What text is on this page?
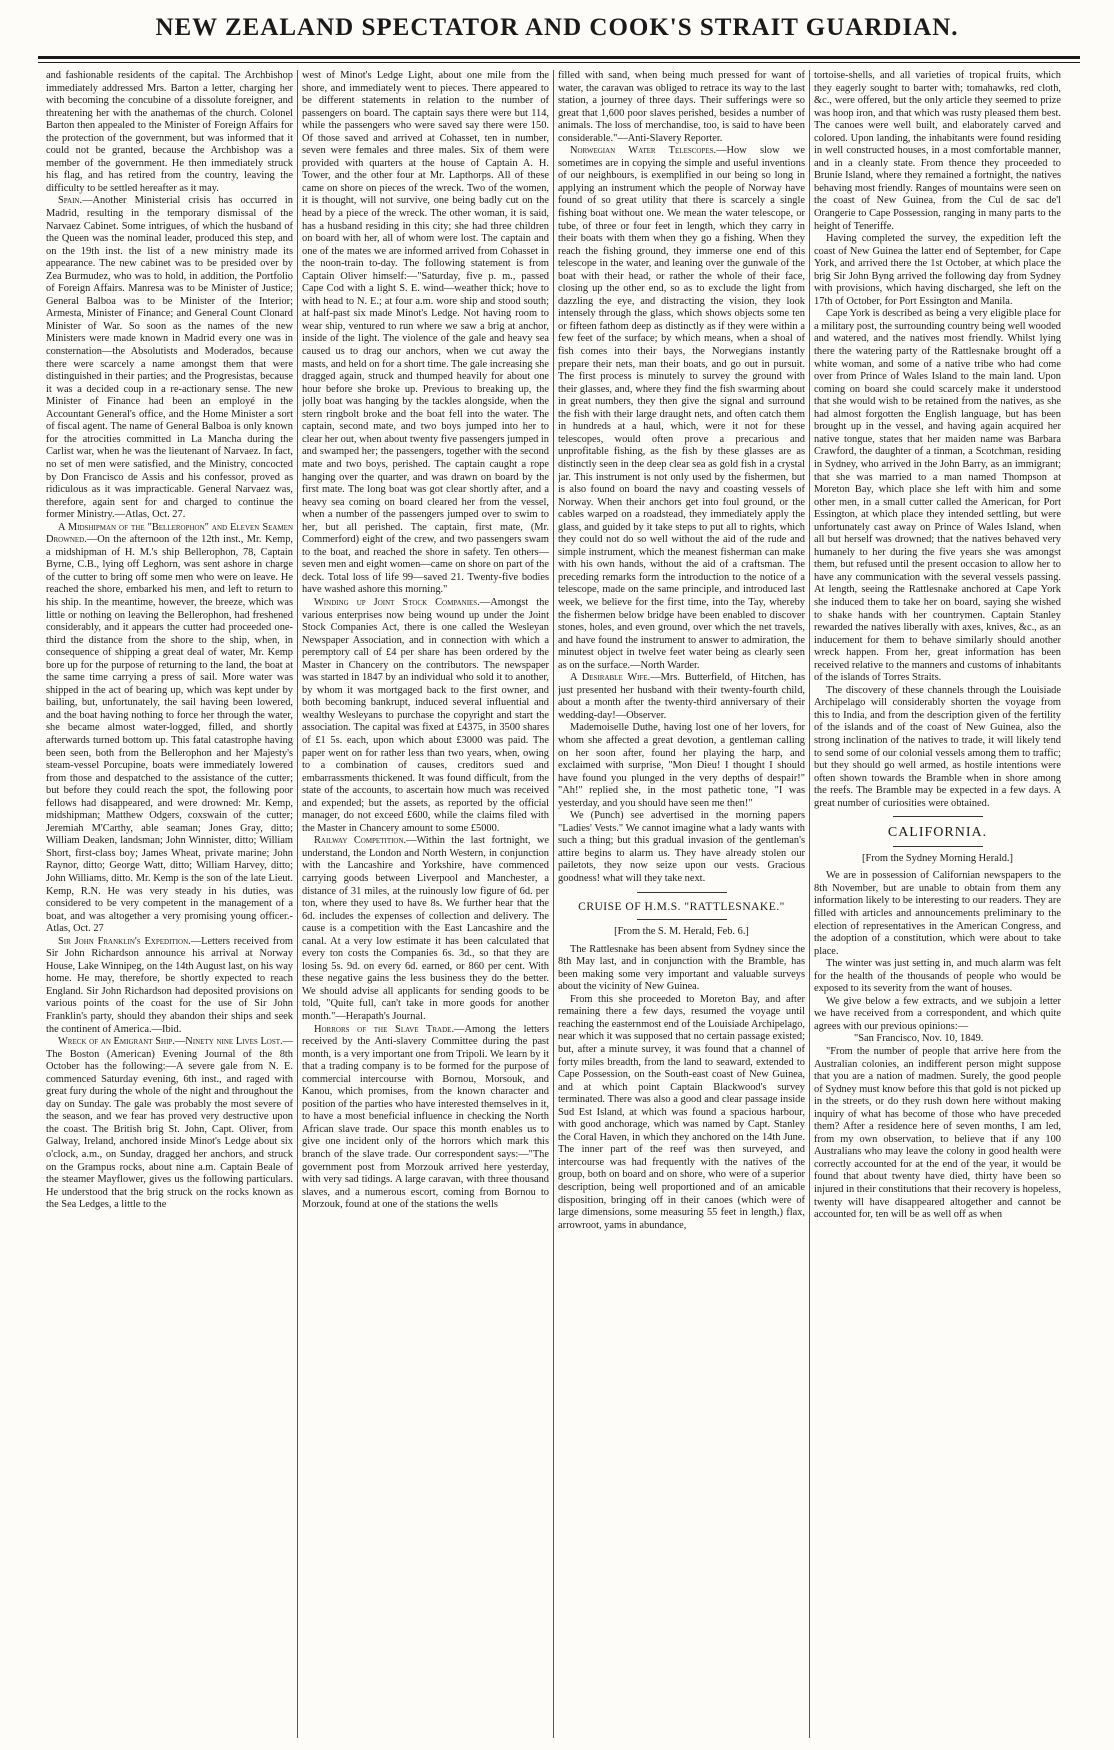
NEW ZEALAND SPECTATOR AND COOK'S STRAIT GUARDIAN.

and fashionable residents of the capital. The Archbishop immediately addressed Mrs. Barton a letter, charging her with becoming the concubine of a dissolute foreigner, and threatening her with the anathemas of the church. Colonel Barton then appealed to the Minister of Foreign Affairs for the protection of the government, but was informed that it could not be granted, because the Archbishop was a member of the government. He then immediately struck his flag, and has retired from the country, leaving the difficulty to be settled hereafter as it may.

Spain.—Another Ministerial crisis has occurred in Madrid, resulting in the temporary dismissal of the Narvaez Cabinet. Some intrigues, of which the husband of the Queen was the nominal leader, produced this step, and on the 19th inst. the list of a new ministry made its appearance. The new cabinet was to be presided over by Zea Burmudez, who was to hold, in addition, the Portfolio of Foreign Affairs. Manresa was to be Minister of Justice; General Balboa was to be Minister of the Interior; Armesta, Minister of Finance; and General Count Clonard Minister of War. So soon as the names of the new Ministers were made known in Madrid every one was in consternation—the Absolutists and Moderados, because there were scarcely a name amongst them that were distinguished in their parties; and the Progresistas, because it was a decided coup in a re-actionary sense. The new Minister of Finance had been an employé in the Accountant General's office, and the Home Minister a sort of fiscal agent. The name of General Balboa is only known for the atrocities committed in La Mancha during the Carlist war, when he was the lieutenant of Narvaez. In fact, no set of men were satisfied, and the Ministry, concocted by Don Francisco de Assis and his confessor, proved as ridiculous as it was impracticable. General Narvaez was, therefore, again sent for and charged to continue the former Ministry.—Atlas, Oct. 27.

A Midshipman of the "Bellerophon" and Eleven Seamen Drowned.—On the afternoon of the 12th inst., Mr. Kemp, a midshipman of H. M.'s ship Bellerophon, 78, Captain Byrne, C.B., lying off Leghorn, was sent ashore in charge of the cutter to bring off some men who were on leave. He reached the shore, embarked his men, and left to return to his ship. In the meantime, however, the breeze, which was little or nothing on leaving the Bellerophon, had freshened considerably, and it appears the cutter had proceeded one-third the distance from the shore to the ship, when, in consequence of shipping a great deal of water, Mr. Kemp bore up for the purpose of returning to the land, the boat at the same time carrying a press of sail. More water was shipped in the act of bearing up, which was kept under by bailing, but, unfortunately, the sail having been lowered, and the boat having nothing to force her through the water, she became almost water-logged, filled, and shortly afterwards turned bottom up. This fatal catastrophe having been seen, both from the Bellerophon and her Majesty's steam-vessel Porcupine, boats were immediately lowered from those and despatched to the assistance of the cutter; but before they could reach the spot, the following poor fellows had disappeared, and were drowned: Mr. Kemp, midshipman; Matthew Odgers, coxswain of the cutter; Jeremiah M'Carthy, able seaman; Jones Gray, ditto; William Deaken, landsman; John Winnister, ditto; William Short, first-class boy; James Wheat, private marine; John Raynor, ditto; George Watt, ditto; William Harvey, ditto; John Williams, ditto. Mr. Kemp is the son of the late Lieut. Kemp, R.N. He was very steady in his duties, was considered to be very competent in the management of a boat, and was altogether a very promising young officer.-Atlas, Oct. 27

Sir John Franklin's Expedition.—Letters received from Sir John Richardson announce his arrival at Norway House, Lake Winnipeg, on the 14th August last, on his way home. He may, therefore, be shortly expected to reach England. Sir John Richardson had deposited provisions on various points of the coast for the use of Sir John Franklin's party, should they abandon their ships and seek the continent of America.—Ibid.

Wreck of an Emigrant Ship.—Ninety nine Lives Lost.—The Boston (American) Evening Journal of the 8th October has the following:—A severe gale from N. E. commenced Saturday evening, 6th inst., and raged with great fury during the whole of the night and throughout the day on Sunday. The gale was probably the most severe of the season, and we fear has proved very destructive upon the coast. The British brig St. John, Capt. Oliver, from Galway, Ireland, anchored inside Minot's Ledge about six o'clock, a.m., on Sunday, dragged her anchors, and struck on the Grampus rocks, about nine a.m. Captain Beale of the steamer Mayflower, gives us the following particulars. He understood that the brig struck on the rocks known as the Sea Ledges, a little to the

west of Minot's Ledge Light, about one mile from the shore, and immediately went to pieces. There appeared to be different statements in relation to the number of passengers on board. The captain says there were but 114, while the passengers who were saved say there were 150. Of those saved and arrived at Cohasset, ten in number, seven were females and three males. Six of them were provided with quarters at the house of Captain A. H. Tower, and the other four at Mr. Lapthorps. All of these came on shore on pieces of the wreck. Two of the women, it is thought, will not survive, one being badly cut on the head by a piece of the wreck. The other woman, it is said, has a husband residing in this city; she had three children on board with her, all of whom were lost. The captain and one of the mates we are informed arrived from Cohasset in the noon-train to-day. The following statement is from Captain Oliver himself:—"Saturday, five p. m., passed Cape Cod with a light S. E. wind—weather thick; hove to with head to N. E.; at four a.m. wore ship and stood south; at half-past six made Minot's Ledge. Not having room to wear ship, ventured to run where we saw a brig at anchor, inside of the light. The violence of the gale and heavy sea caused us to drag our anchors, when we cut away the masts, and held on for a short time. The gale increasing she dragged again, struck and thumped heavily for about one hour before she broke up. Previous to breaking up, the jolly boat was hanging by the tackles alongside, when the stern ringbolt broke and the boat fell into the water. The captain, second mate, and two boys jumped into her to clear her out, when about twenty five passengers jumped in and swamped her; the passengers, together with the second mate and two boys, perished. The captain caught a rope hanging over the quarter, and was drawn on board by the first mate. The long boat was got clear shortly after, and a heavy sea coming on board cleared her from the vessel, when a number of the passengers jumped over to swim to her, but all perished. The captain, first mate, (Mr. Commerford) eight of the crew, and two passengers swam to the boat, and reached the shore in safety. Ten others—seven men and eight women—came on shore on part of the deck. Total loss of life 99—saved 21. Twenty-five bodies have washed ashore this morning."

Winding up Joint Stock Companies.—Amongst the various enterprises now being wound up under the Joint Stock Companies Act, there is one called the Wesleyan Newspaper Association, and in connection with which a peremptory call of £4 per share has been ordered by the Master in Chancery on the contributors. The newspaper was started in 1847 by an individual who sold it to another, by whom it was mortgaged back to the first owner, and both becoming bankrupt, induced several influential and wealthy Wesleyans to purchase the copyright and start the association. The capital was fixed at £4375, in 3500 shares of £1 5s. each, upon which about £3000 was paid. The paper went on for rather less than two years, when, owing to a combination of causes, creditors sued and embarrassments thickened. It was found difficult, from the state of the accounts, to ascertain how much was received and expended; but the assets, as reported by the official manager, do not exceed £600, while the claims filed with the Master in Chancery amount to some £5000.

Railway Competition.—Within the last fortnight, we understand, the London and North Western, in conjunction with the Lancashire and Yorkshire, have commenced carrying goods between Liverpool and Manchester, a distance of 31 miles, at the ruinously low figure of 6d. per ton, where they used to have 8s. We further hear that the 6d. includes the expenses of collection and delivery. The cause is a competition with the East Lancashire and the canal. At a very low estimate it has been calculated that every ton costs the Companies 6s. 3d., so that they are losing 5s. 9d. on every 6d. earned, or 860 per cent. With these negative gains the less business they do the better. We should advise all applicants for sending goods to be told, "Quite full, can't take in more goods for another month."—Herapath's Journal.

Horrors of the Slave Trade.—Among the letters received by the Anti-slavery Committee during the past month, is a very important one from Tripoli. We learn by it that a trading company is to be formed for the purpose of commercial intercourse with Bornou, Morsouk, and Kanou, which promises, from the known character and position of the parties who have interested themselves in it, to have a most beneficial influence in checking the North African slave trade. Our space this month enables us to give one incident only of the horrors which mark this branch of the slave trade. Our correspondent says:—"The government post from Morzouk arrived here yesterday, with very sad tidings. A large caravan, with three thousand slaves, and a numerous escort, coming from Bornou to Morzouk, found at one of the stations the wells

filled with sand, when being much pressed for want of water, the caravan was obliged to retrace its way to the last station, a journey of three days. Their sufferings were so great that 1,600 poor slaves perished, besides a number of animals. The loss of merchandise, too, is said to have been considerable."—Anti-Slavery Reporter.

Norwegian Water Telescopes.—How slow we sometimes are in copying the simple and useful inventions of our neighbours, is exemplified in our being so long in applying an instrument which the people of Norway have found of so great utility that there is scarcely a single fishing boat without one. We mean the water telescope, or tube, of three or four feet in length, which they carry in their boats with them when they go a fishing. When they reach the fishing ground, they immerse one end of this telescope in the water, and leaning over the gunwale of the boat with their head, or rather the whole of their face, closing up the other end, so as to exclude the light from dazzling the eye, and distracting the vision, they look intensely through the glass, which shows objects some ten or fifteen fathom deep as distinctly as if they were within a few feet of the surface; by which means, when a shoal of fish comes into their bays, the Norwegians instantly prepare their nets, man their boats, and go out in pursuit. The first process is minutely to survey the ground with their glasses, and, where they find the fish swarming about in great numbers, they then give the signal and surround the fish with their large draught nets, and often catch them in hundreds at a haul, which, were it not for these telescopes, would often prove a precarious and unprofitable fishing, as the fish by these glasses are as distinctly seen in the deep clear sea as gold fish in a crystal jar. This instrument is not only used by the fishermen, but is also found on board the navy and coasting vessels of Norway. When their anchors get into foul ground, or the cables warped on a roadstead, they immediately apply the glass, and guided by it take steps to put all to rights, which they could not do so well without the aid of the rude and simple instrument, which the meanest fisherman can make with his own hands, without the aid of a craftsman. The preceding remarks form the introduction to the notice of a telescope, made on the same principle, and introduced last week, we believe for the first time, into the Tay, whereby the fishermen below bridge have been enabled to discover stones, holes, and even ground, over which the net travels, and have found the instrument to answer to admiration, the minutest object in twelve feet water being as clearly seen as on the surface.—North Warder.

A Desirable Wife.—Mrs. Butterfield, of Hitchen, has just presented her husband with their twenty-fourth child, about a month after the twenty-third anniversary of their wedding-day!—Observer.

Mademoiselle Duthe, having lost one of her lovers, for whom she affected a great devotion, a gentleman calling on her soon after, found her playing the harp, and exclaimed with surprise, "Mon Dieu! I thought I should have found you plunged in the very depths of despair!" "Ah!" replied she, in the most pathetic tone, "I was yesterday, and you should have seen me then!"

We (Punch) see advertised in the morning papers "Ladies' Vests." We cannot imagine what a lady wants with such a thing; but this gradual invasion of the gentleman's attire begins to alarm us. They have already stolen our pailetots, they now seize upon our vests. Gracious goodness! what will they take next.

CRUISE OF H.M.S. "RATTLESNAKE."

[From the S. M. Herald, Feb. 6.]

The Rattlesnake has been absent from Sydney since the 8th May last, and in conjunction with the Bramble, has been making some very important and valuable surveys about the vicinity of New Guinea.

From this she proceeded to Moreton Bay, and after remaining there a few days, resumed the voyage until reaching the easternmost end of the Louisiade Archipelago, near which it was supposed that no certain passage existed; but, after a minute survey, it was found that a channel of forty miles breadth, from the land to seaward, extended to Cape Possession, on the South-east coast of New Guinea, and at which point Captain Blackwood's survey terminated. There was also a good and clear passage inside Sud Est Island, at which was found a spacious harbour, with good anchorage, which was named by Capt. Stanley the Coral Haven, in which they anchored on the 14th June. The inner part of the reef was then surveyed, and intercourse was had frequently with the natives of the group, both on board and on shore, who were of a superior description, being well proportioned and of an amicable disposition, bringing off in their canoes (which were of large dimensions, some measuring 55 feet in length,) flax, arrowroot, yams in abundance,

tortoise-shells, and all varieties of tropical fruits, which they eagerly sought to barter with; tomahawks, red cloth, &c., were offered, but the only article they seemed to prize was hoop iron, and that which was rusty pleased them best. The canoes were well built, and elaborately carved and colored. Upon landing, the inhabitants were found residing in well constructed houses, in a most comfortable manner, and in a cleanly state. From thence they proceeded to Brunie Island, where they remained a fortnight, the natives behaving most friendly. Ranges of mountains were seen on the coast of New Guinea, from the Cul de sac de'l Orangerie to Cape Possession, ranging in many parts to the height of Teneriffe.

Having completed the survey, the expedition left the coast of New Guinea the latter end of September, for Cape York, and arrived there the 1st October, at which place the brig Sir John Byng arrived the following day from Sydney with provisions, which having discharged, she left on the 17th of October, for Port Essington and Manila.

Cape York is described as being a very eligible place for a military post, the surrounding country being well wooded and watered, and the natives most friendly. Whilst lying there the watering party of the Rattlesnake brought off a white woman, and some of a native tribe who had come over from Prince of Wales Island to the main land. Upon coming on board she could scarcely make it understood that she would wish to be retained from the natives, as she had almost forgotten the English language, but has been brought up in the vessel, and having again acquired her native tongue, states that her maiden name was Barbara Crawford, the daughter of a tinman, a Scotchman, residing in Sydney, who arrived in the John Barry, as an immigrant; that she was married to a man named Thompson at Moreton Bay, which place she left with him and some other men, in a small cutter called the American, for Port Essington, at which place they intended settling, but were unfortunately cast away on Prince of Wales Island, when all but herself was drowned; that the natives behaved very humanely to her during the five years she was amongst them, but refused until the present occasion to allow her to have any communication with the several vessels passing. At length, seeing the Rattlesnake anchored at Cape York she induced them to take her on board, saying she wished to shake hands with her countrymen. Captain Stanley rewarded the natives liberally with axes, knives, &c., as an inducement for them to behave similarly should another wreck happen. From her, great information has been received relative to the manners and customs of inhabitants of the islands of Torres Straits.

The discovery of these channels through the Louisiade Archipelago will considerably shorten the voyage from this to India, and from the description given of the fertility of the islands and of the coast of New Guinea, also the strong inclination of the natives to trade, it will likely tend to send some of our colonial vessels among them to traffic; but they should go well armed, as hostile intentions were often shown towards the Bramble when in shore among the reefs. The Bramble may be expected in a few days. A great number of curiosities were obtained.

CALIFORNIA.

[From the Sydney Morning Herald.]

We are in possession of Californian newspapers to the 8th November, but are unable to obtain from them any information likely to be interesting to our readers. They are filled with articles and announcements preliminary to the election of representatives in the American Congress, and the adoption of a constitution, which were about to take place.

The winter was just setting in, and much alarm was felt for the health of the thousands of people who would be exposed to its severity from the want of houses.

We give below a few extracts, and we subjoin a letter we have received from a correspondent, and which quite agrees with our previous opinions:—

"San Francisco, Nov. 10, 1849.

"From the number of people that arrive here from the Australian colonies, an indifferent person might suppose that you are a nation of madmen. Surely, the good people of Sydney must know before this that gold is not picked up in the streets, or do they rush down here without making inquiry of what has become of those who have preceded them? After a residence here of seven months, I am led, from my own observation, to believe that if any 100 Australians who may leave the colony in good health were correctly accounted for at the end of the year, it would be found that about twenty have died, thirty have been so injured in their constitutions that their recovery is hopeless, twenty will have disappeared altogether and cannot be accounted for, ten will be as well off as when
